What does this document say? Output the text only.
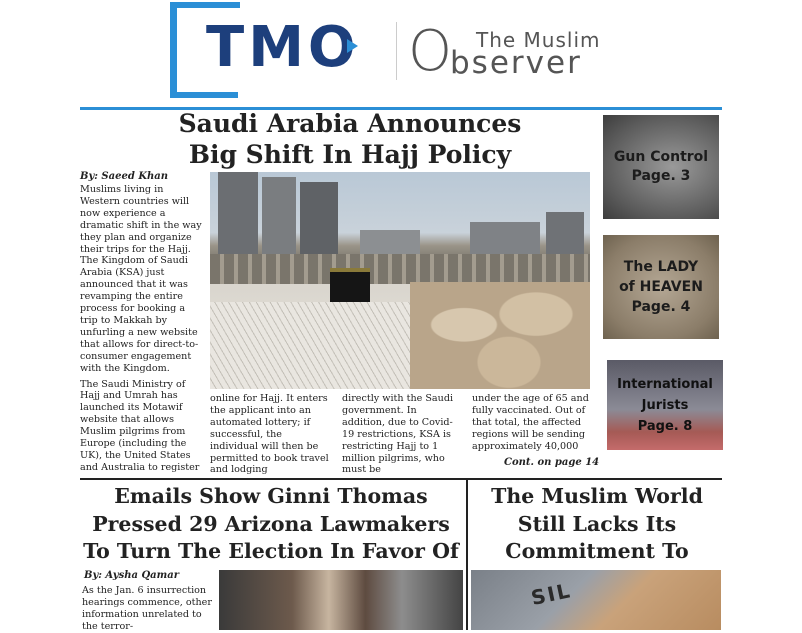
TMO O The Muslim
bserver
Saudi Arabia Announces
Big Shift In Hajj Policy
By: Saeed Khan

Muslims living in Western countries will now experience a dramatic shift in the way they plan and organize their trips for the Hajj. The Kingdom of Saudi Arabia (KSA) just announced that it was revamping the entire process for booking a trip to Makkah by unfurling a new website that allows for direct-to-consumer engagement with the Kingdom.

The Saudi Ministry of Hajj and Umrah has launched its Motawif website that allows Muslim pilgrims from Europe (including the UK), the United States and Australia to register

online for Hajj. It enters the applicant into an automated lottery; if successful, the individual will then be permitted to book travel and lodging
directly with the Saudi government. In addition, due to Covid-19 restrictions, KSA is restricting Hajj to 1 million pilgrims, who must be
under the age of 65 and fully vaccinated. Out of that total, the affected regions will be sending approximately 40,000
Cont. on page 14
Gun Control
Page. 3
The LADY
of HEAVEN
Page. 4
International
Jurists
Page. 8
Emails Show Ginni Thomas Pressed 29 Arizona Lawmakers To Turn The Election In Favor Of
By: Aysha Qamar
As the Jan. 6 insurrection hearings commence, other information unrelated to the terror-
The Muslim World Still Lacks Its Commitment To
SIL
